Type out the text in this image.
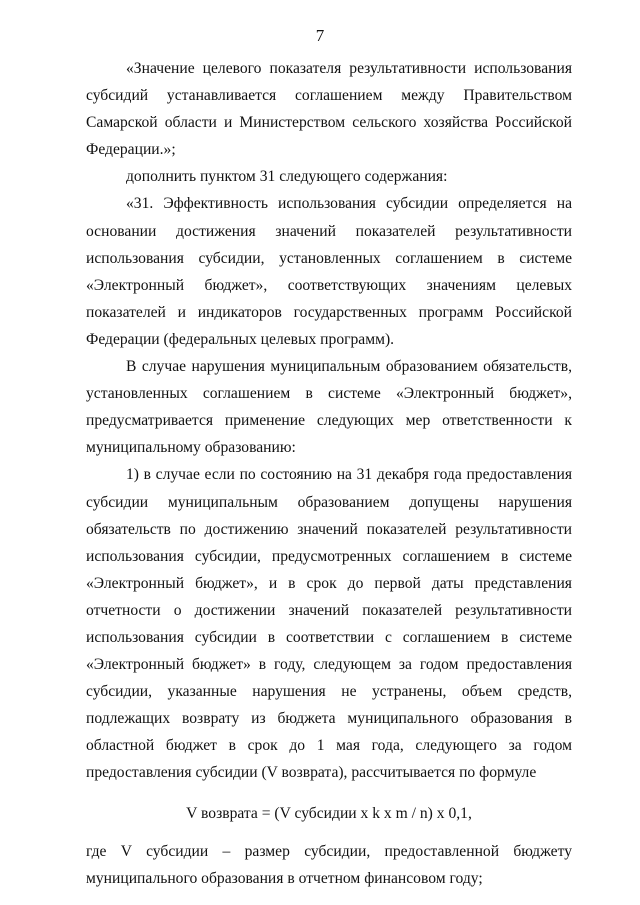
7

«Значение целевого показателя результативности использования субсидий устанавливается соглашением между Правительством Самарской области и Министерством сельского хозяйства Российской Федерации.»;

дополнить пунктом 31 следующего содержания:

«31. Эффективность использования субсидии определяется на основании достижения значений показателей результативности использования субсидии, установленных соглашением в системе «Электронный бюджет», соответствующих значениям целевых показателей и индикаторов государственных программ Российской Федерации (федеральных целевых программ).

В случае нарушения муниципальным образованием обязательств, установленных соглашением в системе «Электронный бюджет», предусматривается применение следующих мер ответственности к муниципальному образованию:

1) в случае если по состоянию на 31 декабря года предоставления субсидии муниципальным образованием допущены нарушения обязательств по достижению значений показателей результативности использования субсидии, предусмотренных соглашением в системе «Электронный бюджет», и в срок до первой даты представления отчетности о достижении значений показателей результативности использования субсидии в соответствии с соглашением в системе «Электронный бюджет» в году, следующем за годом предоставления субсидии, указанные нарушения не устранены, объем средств, подлежащих возврату из бюджета муниципального образования в областной бюджет в срок до 1 мая года, следующего за годом предоставления субсидии (V возврата), рассчитывается по формуле

V возврата = (V субсидии x k x m / n) x 0,1,

где V субсидии – размер субсидии, предоставленной бюджету муниципального образования в отчетном финансовом году;
